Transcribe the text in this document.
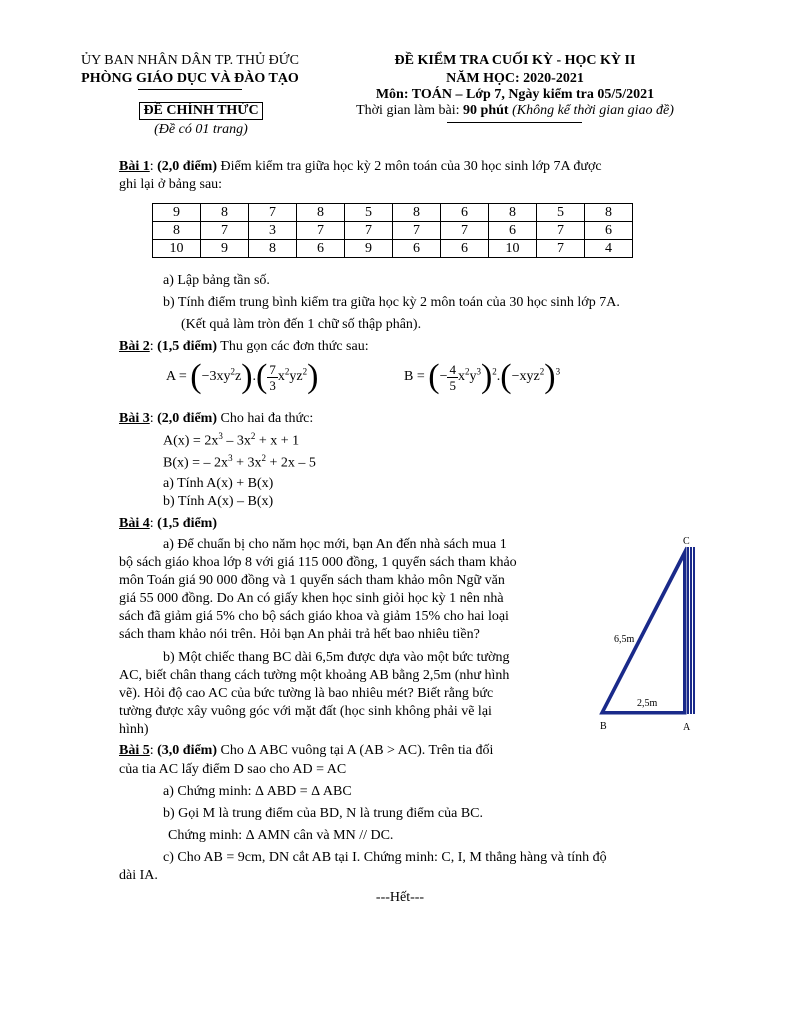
ỦY BAN NHÂN DÂN TP. THỦ ĐỨC
PHÒNG GIÁO DỤC VÀ ĐÀO TẠO
ĐỀ CHÍNH THỨC
(Đề có 01 trang)
ĐỀ KIỂM TRA CUỐI KỲ - HỌC KỲ II
NĂM HỌC: 2020-2021
Môn: TOÁN – Lớp 7, Ngày kiểm tra 05/5/2021
Thời gian làm bài: 90 phút (Không kể thời gian giao đề)
Bài 1: (2,0 điểm) Điểm kiểm tra giữa học kỳ 2 môn toán của 30 học sinh lớp 7A được
ghi lại ở bảng sau:
9	8	7	8	5	8	6	8	5	8
8	7	3	7	7	7	7	6	7	6
10	9	8	6	9	6	6	10	7	4
a) Lập bảng tần số.
b) Tính điểm trung bình kiểm tra giữa học kỳ 2 môn toán của 30 học sinh lớp 7A.
(Kết quả làm tròn đến 1 chữ số thập phân).
Bài 2: (1,5 điểm) Thu gọn các đơn thức sau:
$A = (-3xy^2z).( \frac{7}{3} x^2yz^2)$	B = (− $\frac{4}{5} x^2y^3)^2.(-xyz^2)^3$
Bài 3: (2,0 điểm) Cho hai đa thức:
$A(x) = 2x^3 - 3x^2 + x + 1$
B(x) = – $2x^3 + 3x^2 + 2x - 5$
a) Tính A(x) + B(x)
b) Tính A(x) – B(x)
Bài 4: (1,5 điểm)
a) Để chuẩn bị cho năm học mới, bạn An đến nhà sách mua 1
bộ sách giáo khoa lớp 8 với giá 115 000 đồng, 1 quyển sách tham khảo
môn Toán giá 90 000 đồng và 1 quyển sách tham khảo môn Ngữ văn
giá 55 000 đồng. Do An có giấy khen học sinh giỏi học kỳ 1 nên nhà
sách đã giảm giá 5% cho bộ sách giáo khoa và giảm 15% cho hai loại
sách tham khảo nói trên. Hỏi bạn An phải trả hết bao nhiêu tiền?
b) Một chiếc thang BC dài 6,5m được dựa vào một bức tường
AC, biết chân thang cách tường một khoảng AB bằng 2,5m (như hình
vẽ). Hỏi độ cao AC của bức tường là bao nhiêu mét? Biết rằng bức
tường được xây vuông góc với mặt đất (học sinh không phải vẽ lại
hình)
C
B	A
6,5m
2,5m
Bài 5: (3,0 điểm) Cho Δ ABC vuông tại A (AB > AC). Trên tia đối
của tia AC lấy điểm D sao cho AD = AC
a) Chứng minh: Δ ABD = Δ ABC
b) Gọi M là trung điểm của BD, N là trung điểm của BC.
Chứng minh: Δ AMN cân và MN // DC.
c) Cho AB = 9cm, DN cắt AB tại I. Chứng minh: C, I, M thẳng hàng và tính độ
dài IA.
---Hết---
